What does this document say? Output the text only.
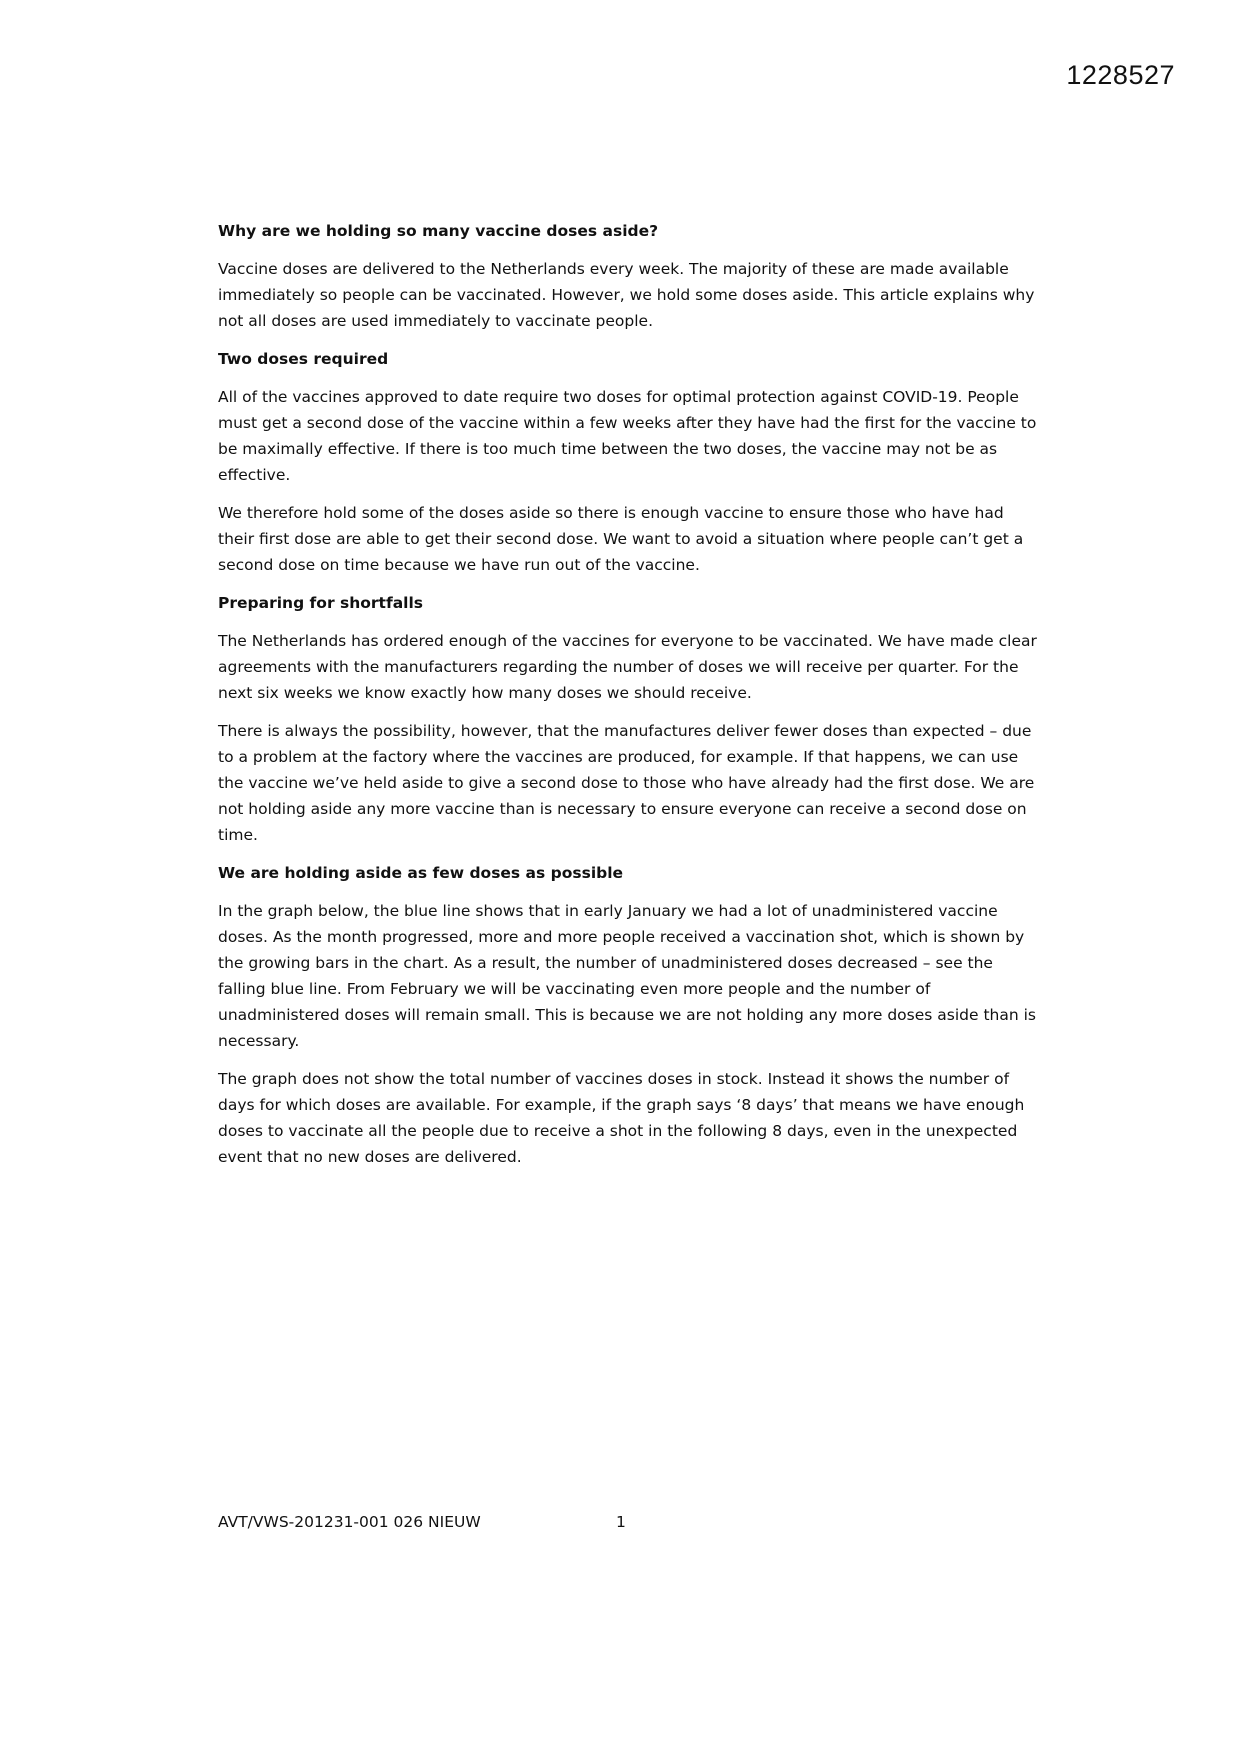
1228527
Why are we holding so many vaccine doses aside?

Vaccine doses are delivered to the Netherlands every week. The majority of these are made available immediately so people can be vaccinated. However, we hold some doses aside. This article explains why not all doses are used immediately to vaccinate people.

Two doses required

All of the vaccines approved to date require two doses for optimal protection against COVID-19. People must get a second dose of the vaccine within a few weeks after they have had the first for the vaccine to be maximally effective. If there is too much time between the two doses, the vaccine may not be as effective.

We therefore hold some of the doses aside so there is enough vaccine to ensure those who have had their first dose are able to get their second dose. We want to avoid a situation where people can’t get a second dose on time because we have run out of the vaccine.

Preparing for shortfalls

The Netherlands has ordered enough of the vaccines for everyone to be vaccinated. We have made clear agreements with the manufacturers regarding the number of doses we will receive per quarter. For the next six weeks we know exactly how many doses we should receive.

There is always the possibility, however, that the manufactures deliver fewer doses than expected – due to a problem at the factory where the vaccines are produced, for example. If that happens, we can use the vaccine we’ve held aside to give a second dose to those who have already had the first dose. We are not holding aside any more vaccine than is necessary to ensure everyone can receive a second dose on time.

We are holding aside as few doses as possible

In the graph below, the blue line shows that in early January we had a lot of unadministered vaccine doses. As the month progressed, more and more people received a vaccination shot, which is shown by the growing bars in the chart. As a result, the number of unadministered doses decreased – see the falling blue line. From February we will be vaccinating even more people and the number of unadministered doses will remain small. This is because we are not holding any more doses aside than is necessary.

The graph does not show the total number of vaccines doses in stock. Instead it shows the number of days for which doses are available. For example, if the graph says ‘8 days’ that means we have enough doses to vaccinate all the people due to receive a shot in the following 8 days, even in the unexpected event that no new doses are delivered.

AVT/VWS-201231-001 026 NIEUW	1
